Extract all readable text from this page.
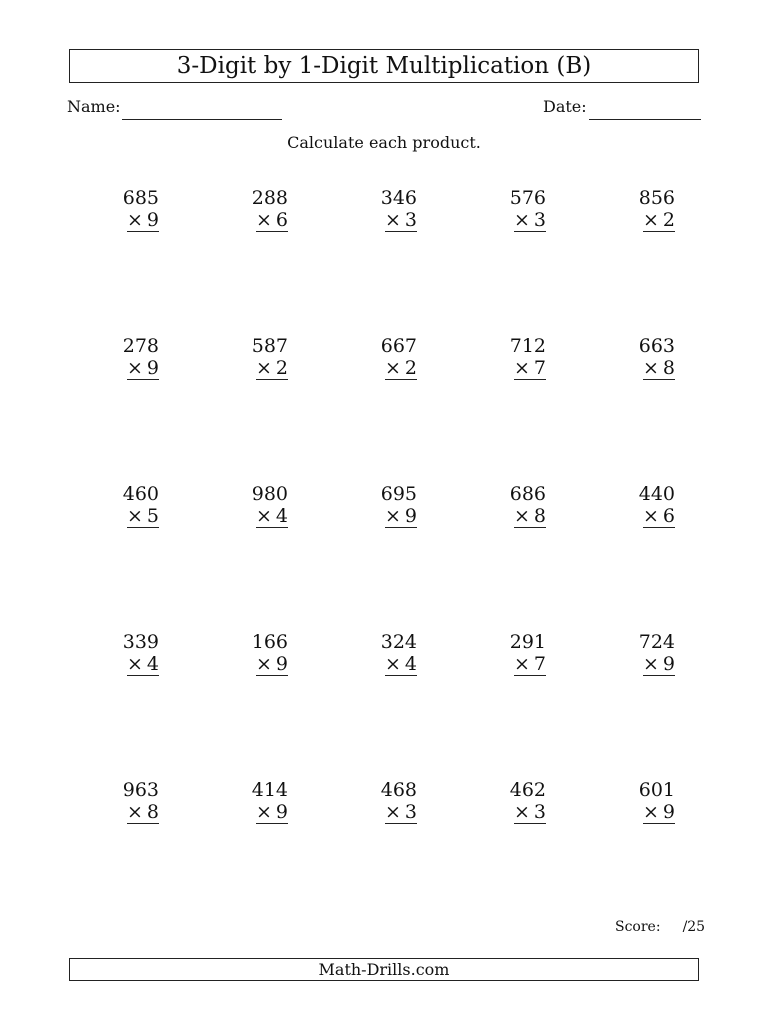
3-Digit by 1-Digit Multiplication (B)
Name:	Date:
Calculate each product.
685
× 9
288
× 6
346
× 3
576
× 3
856
× 2
278
× 9
587
× 2
667
× 2
712
× 7
663
× 8
460
× 5
980
× 4
695
× 9
686
× 8
440
× 6
339
× 4
166
× 9
324
× 4
291
× 7
724
× 9
963
× 8
414
× 9
468
× 3
462
× 3
601
× 9
Score: /25
Math-Drills.com
